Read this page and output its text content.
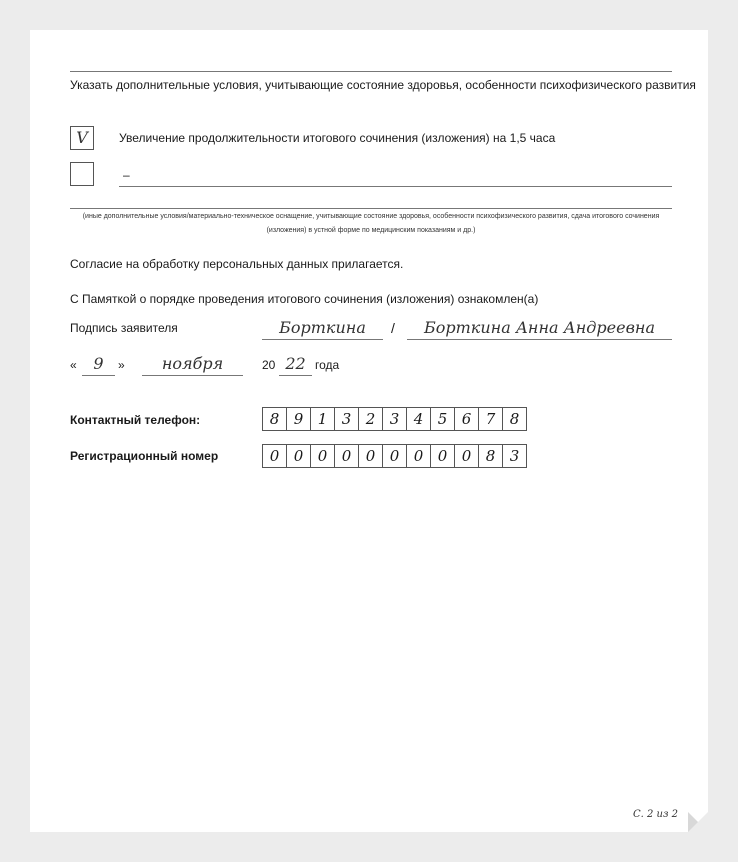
Указать дополнительные условия, учитывающие состояние здоровья, особенности психофизического развития
V	Увеличение продолжительности итогового сочинения (изложения) на 1,5 часа
–
(иные дополнительные условия/материально-техническое оснащение, учитывающие состояние здоровья, особенности психофизического развития, сдача итогового сочинения (изложения) в устной форме по медицинским показаниям и др.)
Согласие на обработку персональных данных прилагается.
С Памяткой о порядке проведения итогового сочинения (изложения) ознакомлен(а)
Подпись заявителя	Борткина	/	Борткина Анна Андреевна
«	9	»	ноября	20 22 года
Контактный телефон:	8 9 1 3 2 3 4 5 6 7 8
Регистрационный номер	0 0 0 0 0 0 0 0 0 8 3
С. 2 из 2
